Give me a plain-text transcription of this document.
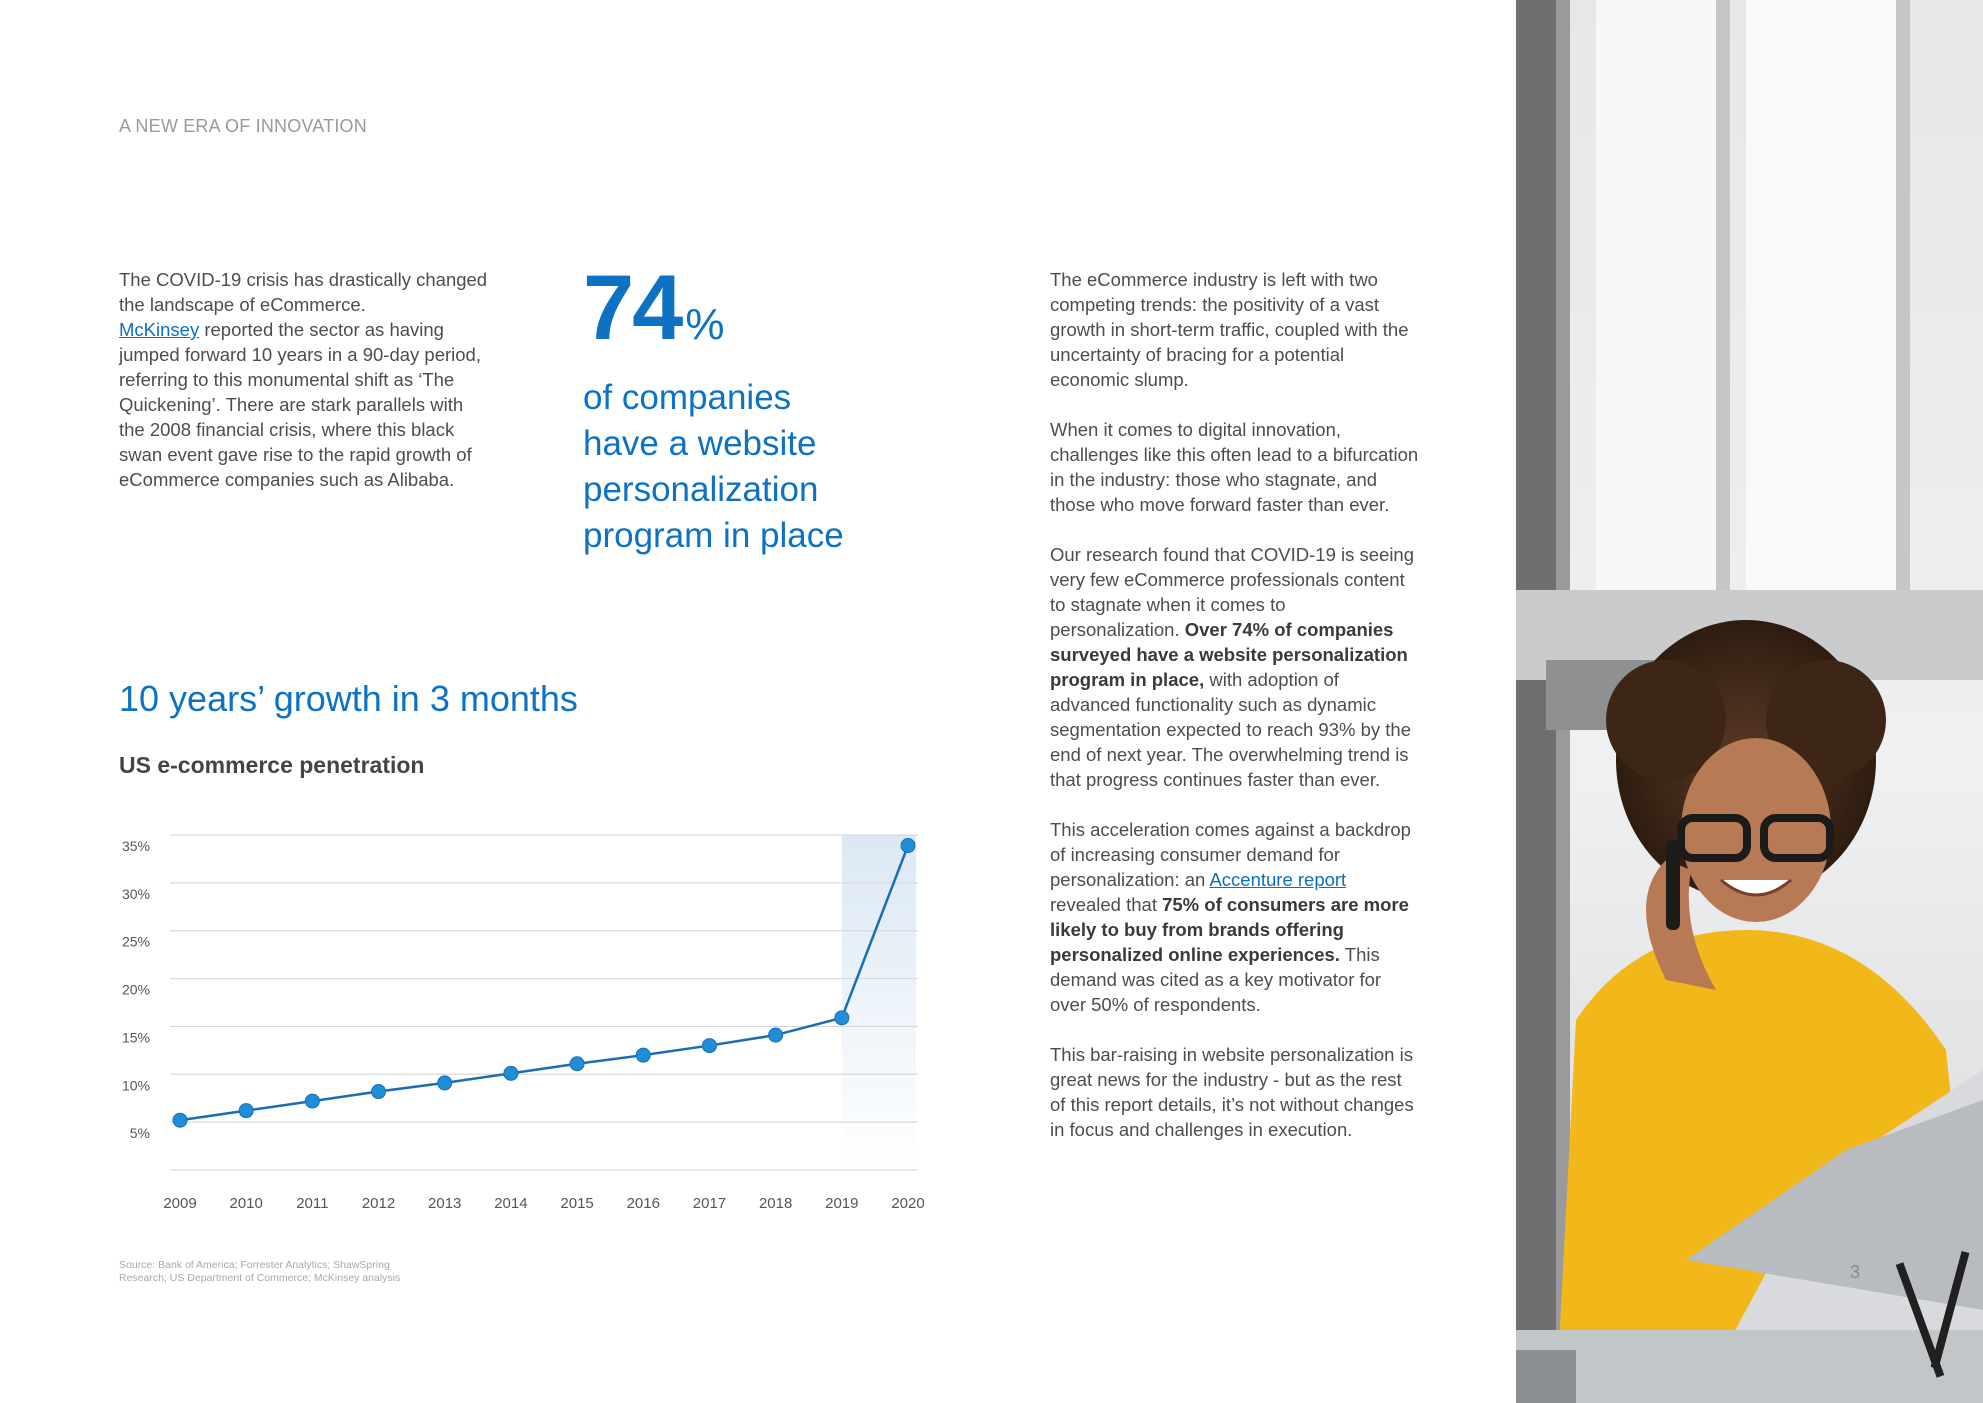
A NEW ERA OF INNOVATION

The COVID-19 crisis has drastically changed the landscape of eCommerce.
McKinsey reported the sector as having jumped forward 10 years in a 90-day period, referring to this monumental shift as ‘The Quickening’. There are stark parallels with the 2008 financial crisis, where this black swan event gave rise to the rapid growth of eCommerce companies such as Alibaba.

74%
of companies
have a website
personalization
program in place
10 years’ growth in 3 months
US e-commerce penetration
5%
10%
15%
20%
25%
30%
35%
2009 2010 2011 2012 2013 2014 2015 2016 2017 2018 2019 2020
Source: Bank of America; Forrester Analytics; ShawSpring Research; US Department of Commerce; McKinsey analysis

The eCommerce industry is left with two competing trends: the positivity of a vast growth in short-term traffic, coupled with the uncertainty of bracing for a potential economic slump.

When it comes to digital innovation, challenges like this often lead to a bifurcation in the industry: those who stagnate, and those who move forward faster than ever.

Our research found that COVID-19 is seeing very few eCommerce professionals content to stagnate when it comes to personalization. Over 74% of companies surveyed have a website personalization program in place, with adoption of advanced functionality such as dynamic segmentation expected to reach 93% by the end of next year. The overwhelming trend is that progress continues faster than ever.

This acceleration comes against a backdrop of increasing consumer demand for personalization: an Accenture report revealed that 75% of consumers are more likely to buy from brands offering personalized online experiences. This demand was cited as a key motivator for over 50% of respondents.

This bar-raising in website personalization is great news for the industry - but as the rest of this report details, it’s not without changes in focus and challenges in execution.

3
